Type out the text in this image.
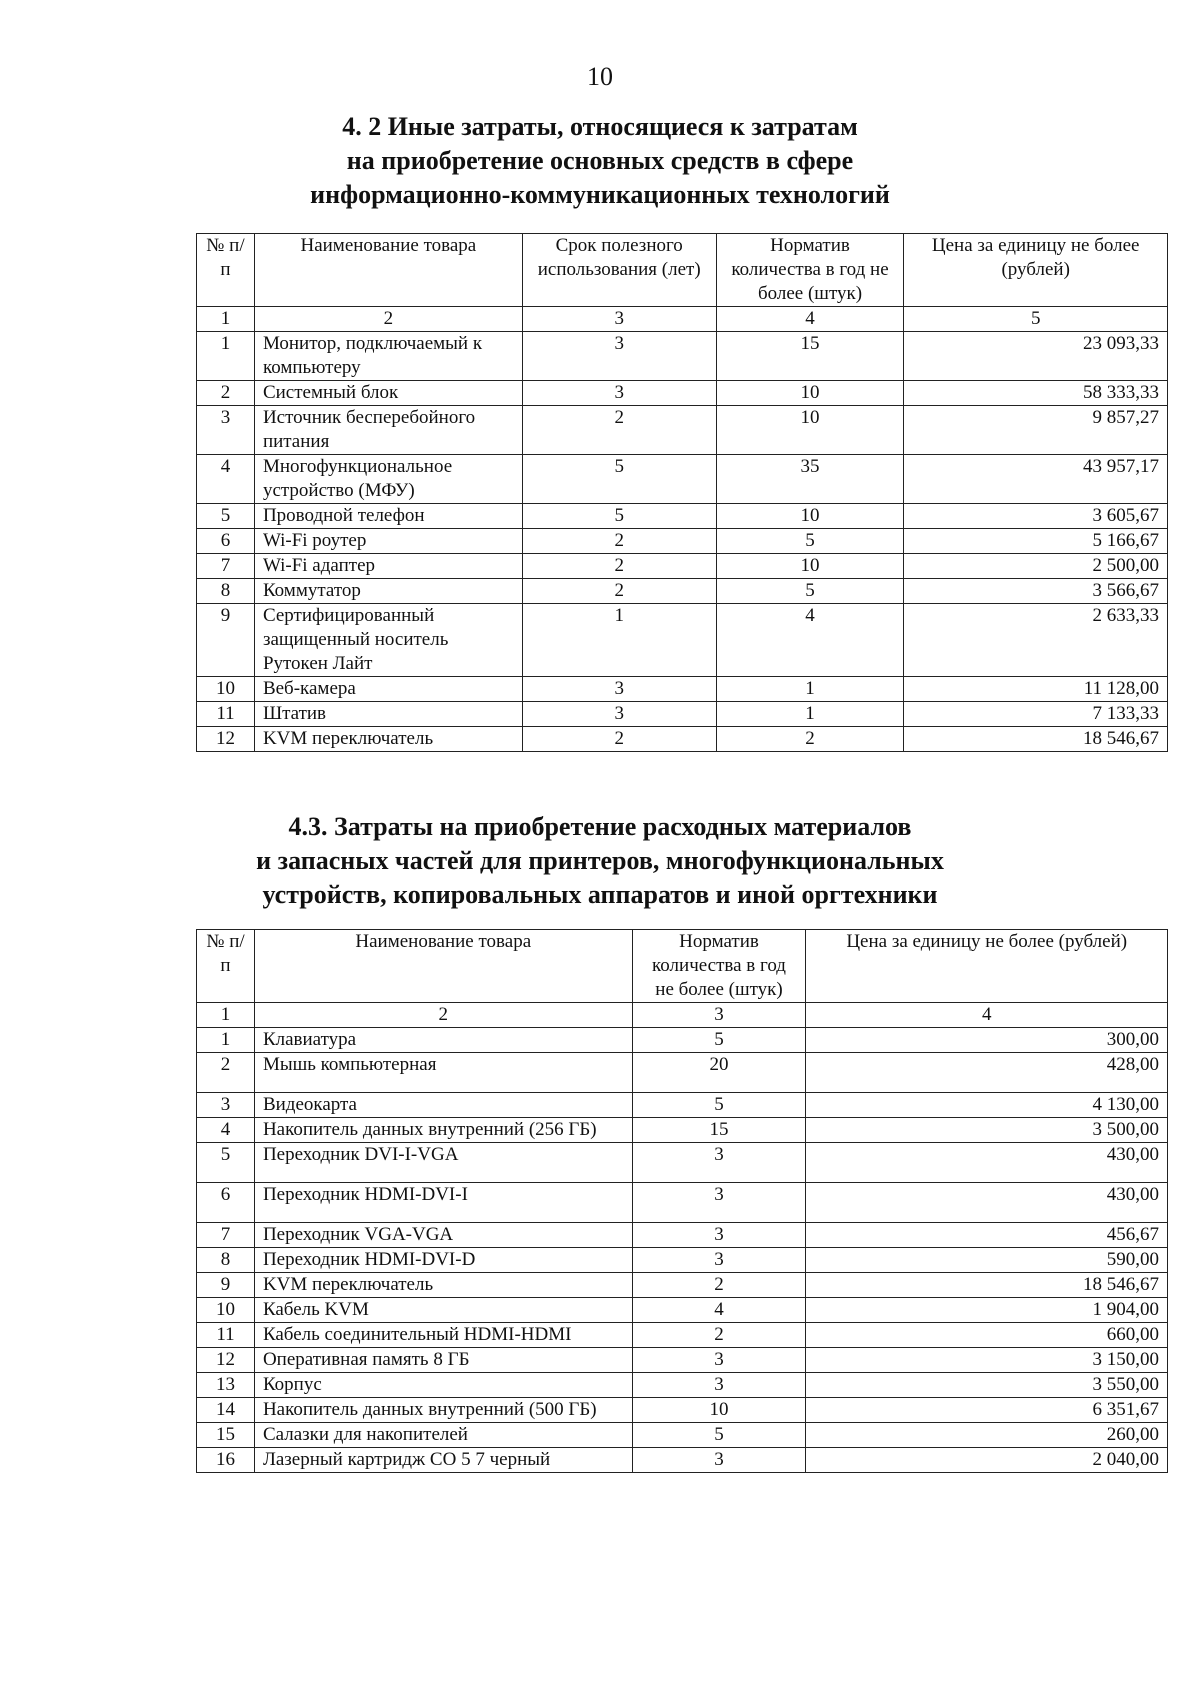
10
4. 2 Иные затраты, относящиеся к затратам
на приобретение основных средств в сфере
информационно-коммуникационных технологий
№ п/п	Наименование товара	Срок полезного использования (лет)	Норматив количества в год не более (штук)	Цена за единицу не более (рублей)
1	2	3	4	5
1	Монитор, подключаемый к компьютеру	3	15	23 093,33
2	Системный блок	3	10	58 333,33
3	Источник бесперебойного питания	2	10	9 857,27
4	Многофункциональное устройство (МФУ)	5	35	43 957,17
5	Проводной телефон	5	10	3 605,67
6	Wi-Fi роутер	2	5	5 166,67
7	Wi-Fi адаптер	2	10	2 500,00
8	Коммутатор	2	5	3 566,67
9	Сертифицированный защищенный носитель Рутокен Лайт	1	4	2 633,33
10	Веб-камера	3	1	11 128,00
11	Штатив	3	1	7 133,33
12	KVM переключатель	2	2	18 546,67
4.3. Затраты на приобретение расходных материалов
и запасных частей для принтеров, многофункциональных
устройств, копировальных аппаратов и иной оргтехники
№ п/п	Наименование товара	Норматив количества в год не более (штук)	Цена за единицу не более (рублей)
1	2	3	4
1	Клавиатура	5	300,00
2	Мышь компьютерная	20	428,00
3	Видеокарта	5	4 130,00
4	Накопитель данных внутренний (256 ГБ)	15	3 500,00
5	Переходник DVI-I-VGA	3	430,00
6	Переходник HDMI-DVI-I	3	430,00
7	Переходник VGA-VGA	3	456,67
8	Переходник HDMI-DVI-D	3	590,00
9	KVM переключатель	2	18 546,67
10	Кабель KVM	4	1 904,00
11	Кабель соединительный HDMI-HDMI	2	660,00
12	Оперативная память 8 ГБ	3	3 150,00
13	Корпус	3	3 550,00
14	Накопитель данных внутренний (500 ГБ)	10	6 351,67
15	Салазки для накопителей	5	260,00
16	Лазерный картридж СО 5 7 черный	3	2 040,00
